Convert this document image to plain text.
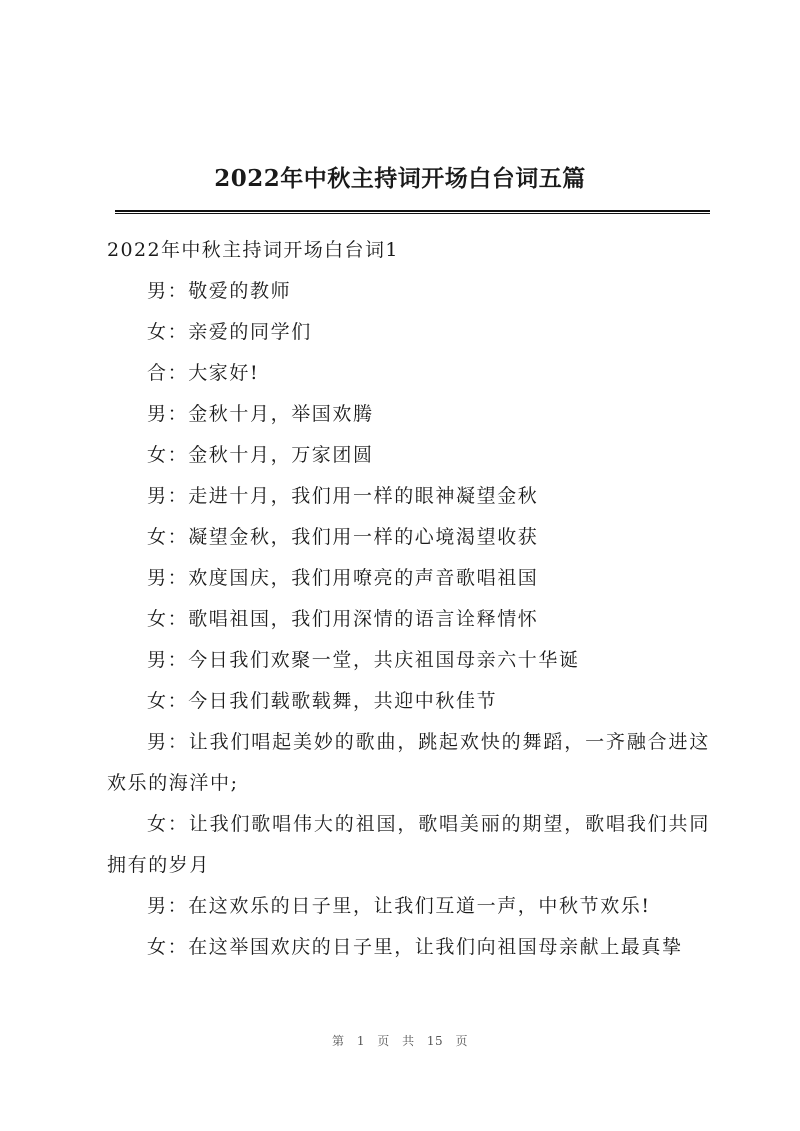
2022年中秋主持词开场白台词五篇

2022年中秋主持词开场白台词1

男：敬爱的教师

女：亲爱的同学们

合：大家好!

男：金秋十月，举国欢腾

女：金秋十月，万家团圆

男：走进十月，我们用一样的眼神凝望金秋

女：凝望金秋，我们用一样的心境渴望收获

男：欢度国庆，我们用嘹亮的声音歌唱祖国

女：歌唱祖国，我们用深情的语言诠释情怀

男：今日我们欢聚一堂，共庆祖国母亲六十华诞

女：今日我们载歌载舞，共迎中秋佳节

男：让我们唱起美妙的歌曲，跳起欢快的舞蹈，一齐融合进这欢乐的海洋中;

女：让我们歌唱伟大的祖国，歌唱美丽的期望，歌唱我们共同拥有的岁月

男：在这欢乐的日子里，让我们互道一声，中秋节欢乐!

女：在这举国欢庆的日子里，让我们向祖国母亲献上最真挚

第 1 页 共 15 页
